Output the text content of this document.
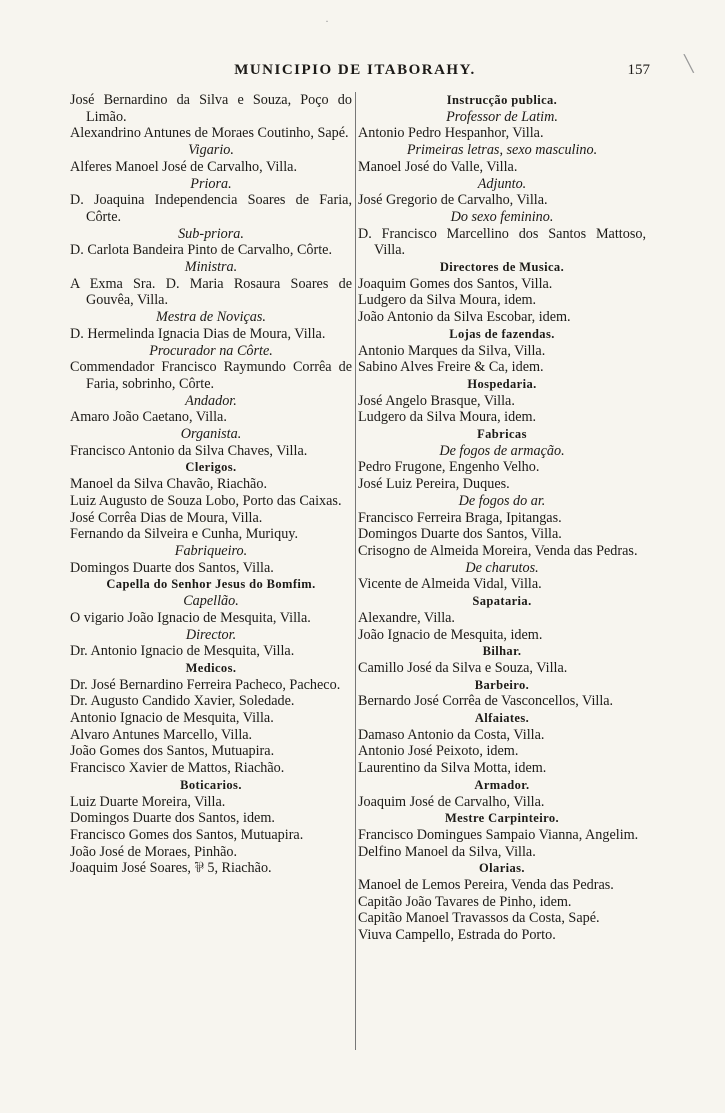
MUNICIPIO DE ITABORAHY.	157
·
╲
José Bernardino da Silva e Souza, Poço do Limão.
Alexandrino Antunes de Moraes Coutinho, Sapé.
Vigario.
Alferes Manoel José de Carvalho, Villa.
Priora.
D. Joaquina Independencia Soares de Faria, Côrte.
Sub-priora.
D. Carlota Bandeira Pinto de Carvalho, Côrte.
Ministra.
A Exma Sra. D. Maria Rosaura Soares de Gouvêa, Villa.
Mestra de Noviças.
D. Hermelinda Ignacia Dias de Moura, Villa.
Procurador na Côrte.
Commendador Francisco Raymundo Corrêa de Faria, sobrinho, Côrte.
Andador.
Amaro João Caetano, Villa.
Organista.
Francisco Antonio da Silva Chaves, Villa.
Clerigos.
Manoel da Silva Chavão, Riachão.
Luiz Augusto de Souza Lobo, Porto das Caixas.
José Corrêa Dias de Moura, Villa.
Fernando da Silveira e Cunha, Muriquy.
Fabriqueiro.
Domingos Duarte dos Santos, Villa.
Capella do Senhor Jesus do Bomfim.
Capellão.
O vigario João Ignacio de Mesquita, Villa.
Director.
Dr. Antonio Ignacio de Mesquita, Villa.
Medicos.
Dr. José Bernardino Ferreira Pacheco, Pacheco.
Dr. Augusto Candido Xavier, Soledade.
Antonio Ignacio de Mesquita, Villa.
Alvaro Antunes Marcello, Villa.
João Gomes dos Santos, Mutuapira.
Francisco Xavier de Mattos, Riachão.
Boticarios.
Luiz Duarte Moreira, Villa.
Domingos Duarte dos Santos, idem.
Francisco Gomes dos Santos, Mutuapira.
João José de Moraes, Pinhão.
Joaquim José Soares, ⅌ 5, Riachão.
Instrucção publica.
Professor de Latim.
Antonio Pedro Hespanhor, Villa.
Primeiras letras, sexo masculino.
Manoel José do Valle, Villa.
Adjunto.
José Gregorio de Carvalho, Villa.
Do sexo feminino.
D. Francisco Marcellino dos Santos Mattoso, Villa.
Directores de Musica.
Joaquim Gomes dos Santos, Villa.
Ludgero da Silva Moura, idem.
João Antonio da Silva Escobar, idem.
Lojas de fazendas.
Antonio Marques da Silva, Villa.
Sabino Alves Freire & Ca, idem.
Hospedaria.
José Angelo Brasque, Villa.
Ludgero da Silva Moura, idem.
Fabricas
De fogos de armação.
Pedro Frugone, Engenho Velho.
José Luiz Pereira, Duques.
De fogos do ar.
Francisco Ferreira Braga, Ipitangas.
Domingos Duarte dos Santos, Villa.
Crisogno de Almeida Moreira, Venda das Pedras.
De charutos.
Vicente de Almeida Vidal, Villa.
Sapataria.
Alexandre, Villa.
João Ignacio de Mesquita, idem.
Bilhar.
Camillo José da Silva e Souza, Villa.
Barbeiro.
Bernardo José Corrêa de Vasconcellos, Villa.
Alfaiates.
Damaso Antonio da Costa, Villa.
Antonio José Peixoto, idem.
Laurentino da Silva Motta, idem.
Armador.
Joaquim José de Carvalho, Villa.
Mestre Carpinteiro.
Francisco Domingues Sampaio Vianna, Angelim.
Delfino Manoel da Silva, Villa.
Olarias.
Manoel de Lemos Pereira, Venda das Pedras.
Capitão João Tavares de Pinho, idem.
Capitão Manoel Travassos da Costa, Sapé.
Viuva Campello, Estrada do Porto.
